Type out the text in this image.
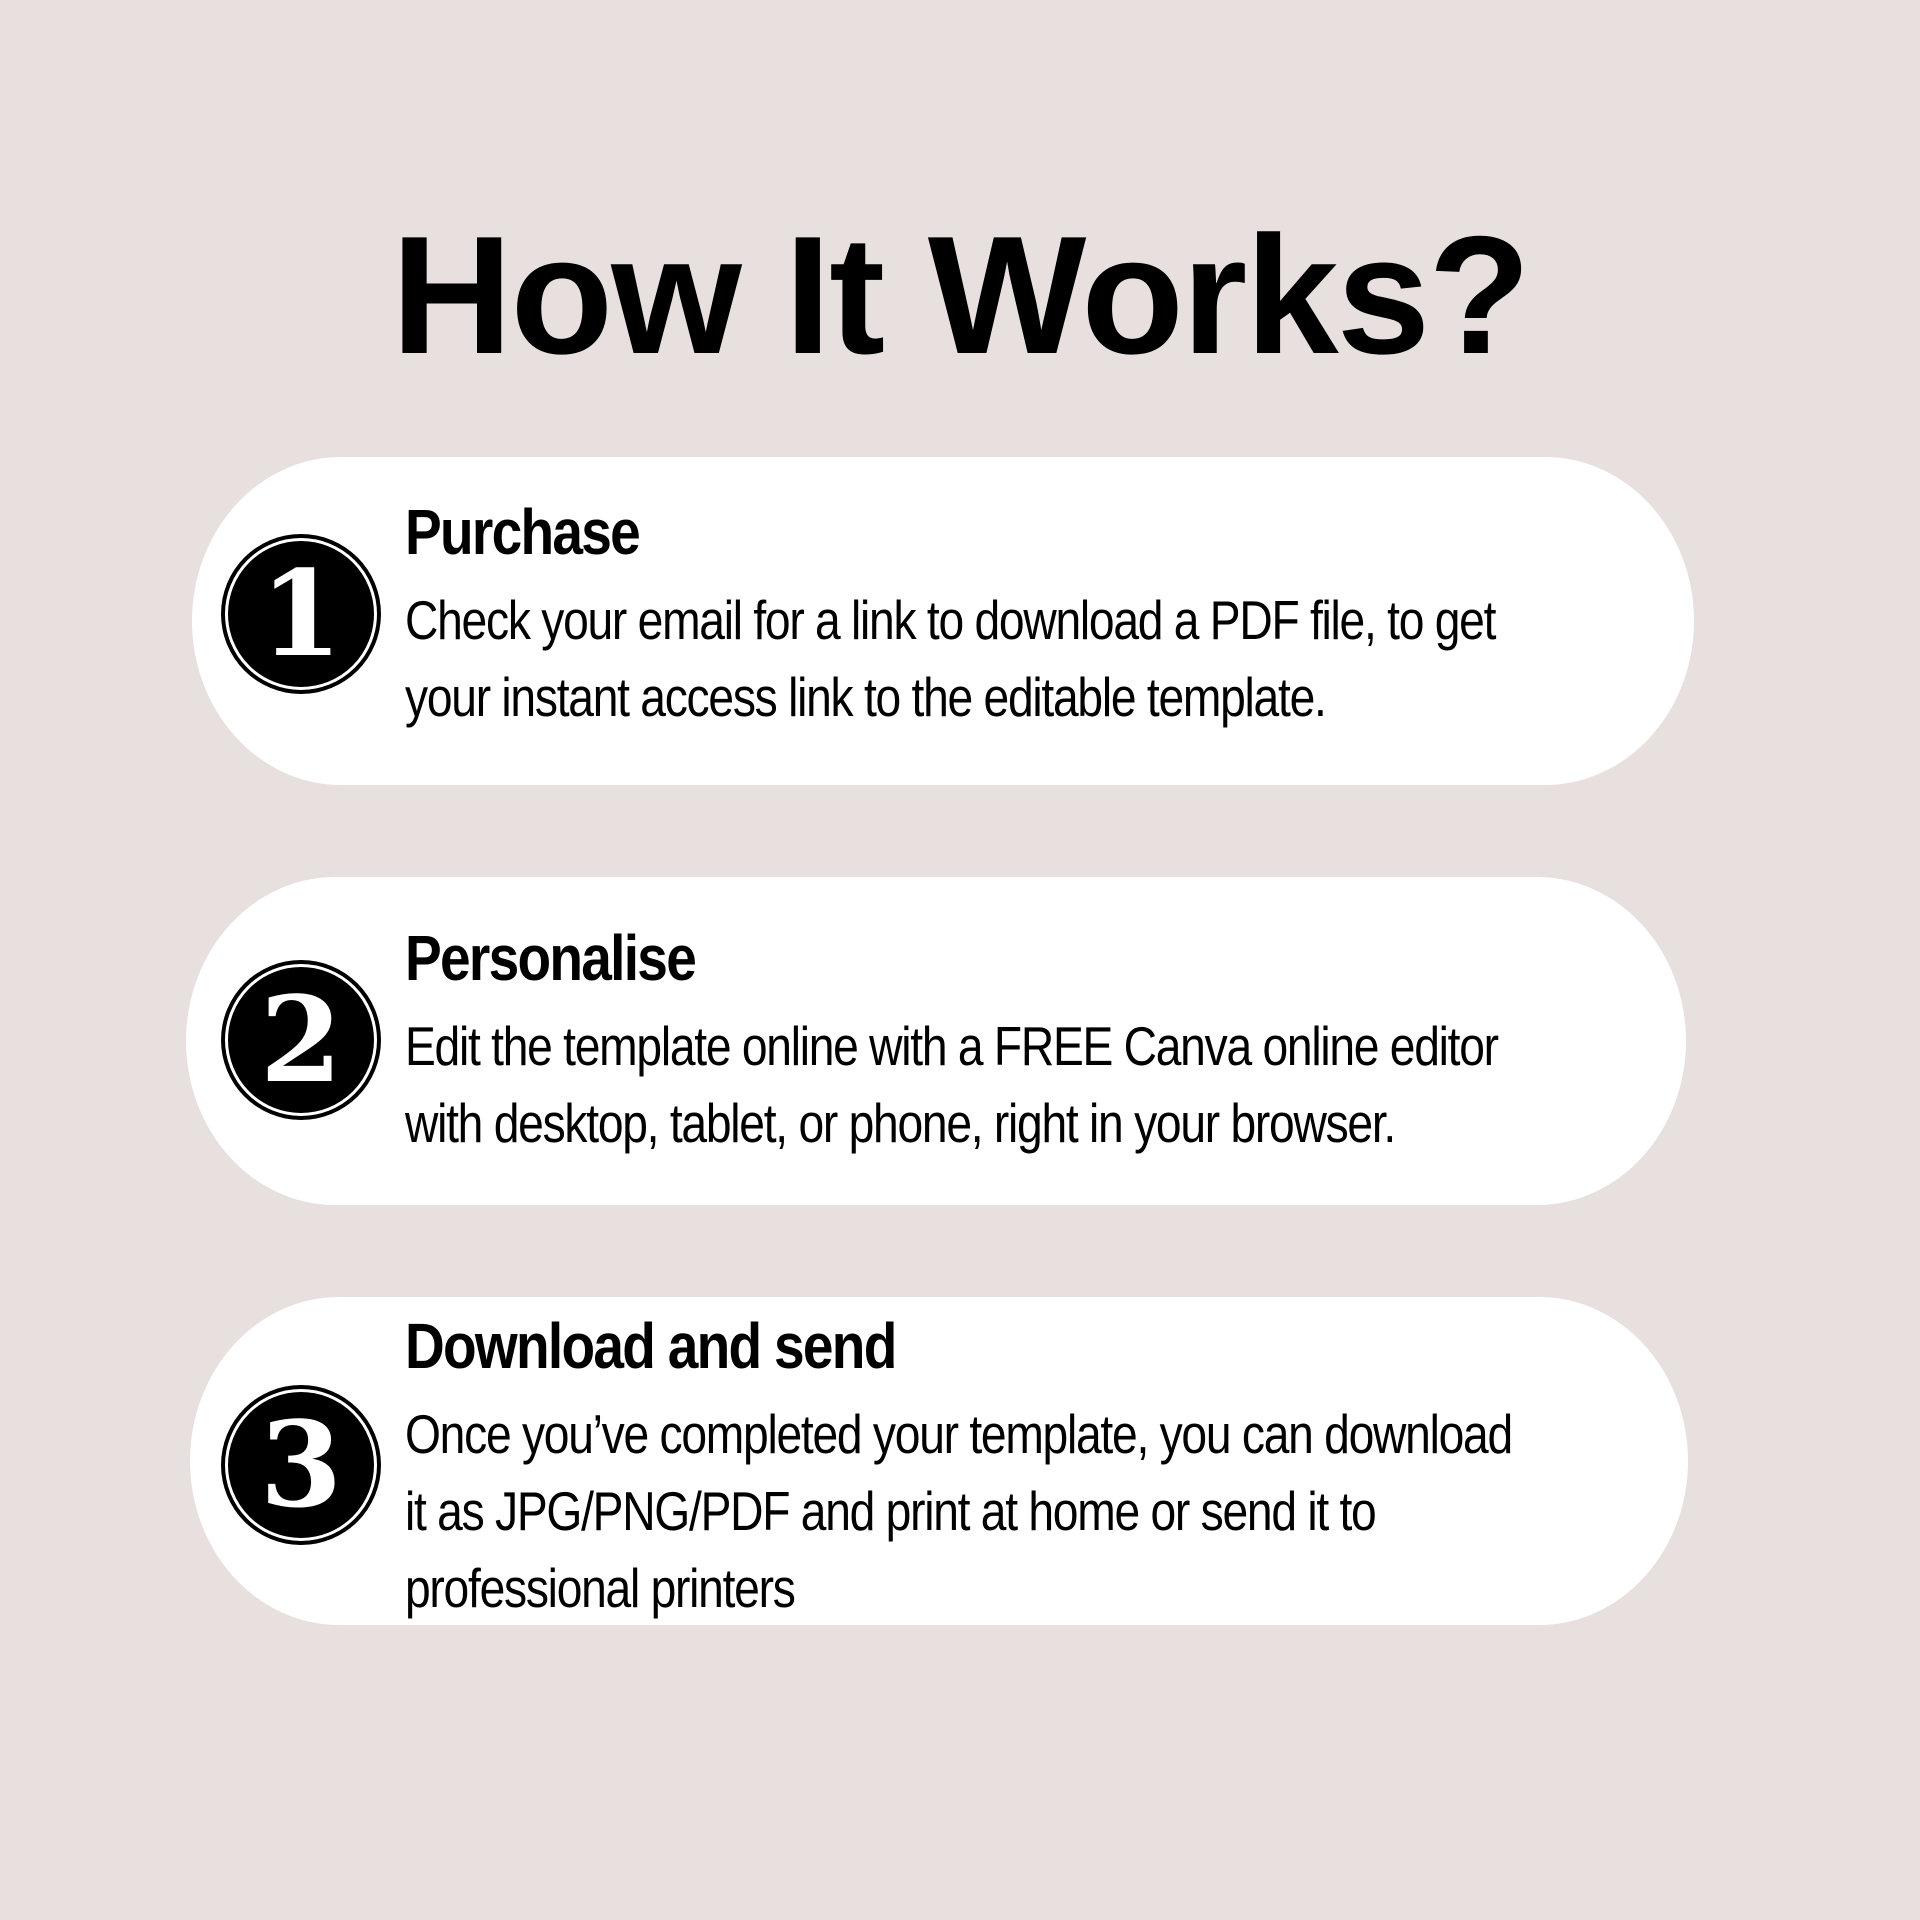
How It Works?
1
Purchase
Check your email for a link to download a PDF file, to get your instant access link to the editable template.
2
Personalise
Edit the template online with a FREE Canva online editor with desktop, tablet, or phone, right in your browser.
3
Download and send
Once you’ve completed your template, you can download it as JPG/PNG/PDF and print at home or send it to professional printers
